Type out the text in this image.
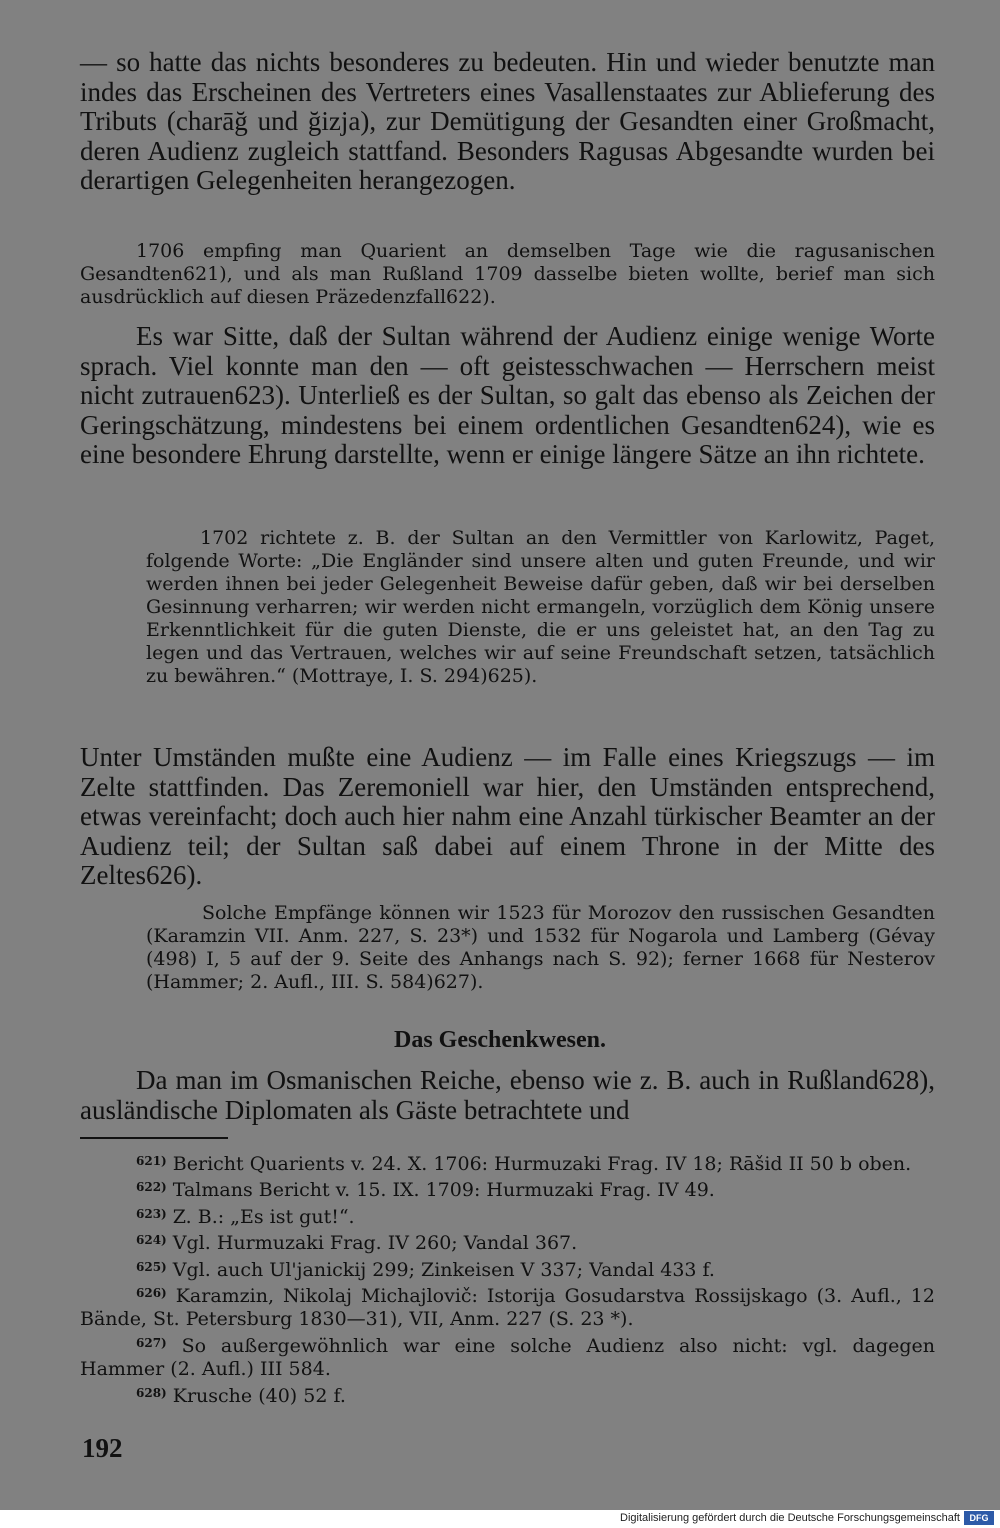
— so hatte das nichts besonderes zu bedeuten. Hin und wieder benutzte man indes das Erscheinen des Vertreters eines Vasallenstaates zur Ablieferung des Tributs (charāğ und ğizja), zur Demütigung der Gesandten einer Großmacht, deren Audienz zugleich stattfand. Besonders Ragusas Abgesandte wurden bei derartigen Gelegenheiten herangezogen.

1706 empfing man Quarient an demselben Tage wie die ragusanischen Gesandten621), und als man Rußland 1709 dasselbe bieten wollte, berief man sich ausdrücklich auf diesen Präzedenzfall622).

Es war Sitte, daß der Sultan während der Audienz einige wenige Worte sprach. Viel konnte man den — oft geistesschwachen — Herrschern meist nicht zutrauen623). Unterließ es der Sultan, so galt das ebenso als Zeichen der Geringschätzung, mindestens bei einem ordentlichen Gesandten624), wie es eine besondere Ehrung darstellte, wenn er einige längere Sätze an ihn richtete.

1702 richtete z. B. der Sultan an den Vermittler von Karlowitz, Paget, folgende Worte: „Die Engländer sind unsere alten und guten Freunde, und wir werden ihnen bei jeder Gelegenheit Beweise dafür geben, daß wir bei derselben Gesinnung verharren; wir werden nicht ermangeln, vorzüglich dem König unsere Erkenntlichkeit für die guten Dienste, die er uns geleistet hat, an den Tag zu legen und das Vertrauen, welches wir auf seine Freundschaft setzen, tatsächlich zu bewähren.“ (Mottraye, I. S. 294)625).

Unter Umständen mußte eine Audienz — im Falle eines Kriegszugs — im Zelte stattfinden. Das Zeremoniell war hier, den Umständen entsprechend, etwas vereinfacht; doch auch hier nahm eine Anzahl türkischer Beamter an der Audienz teil; der Sultan saß dabei auf einem Throne in der Mitte des Zeltes626).

Solche Empfänge können wir 1523 für Morozov den russischen Gesandten (Karamzin VII. Anm. 227, S. 23*) und 1532 für Nogarola und Lamberg (Gévay (498) I, 5 auf der 9. Seite des Anhangs nach S. 92); ferner 1668 für Nesterov (Hammer; 2. Aufl., III. S. 584)627).

Das Geschenkwesen.

Da man im Osmanischen Reiche, ebenso wie z. B. auch in Rußland628), ausländische Diplomaten als Gäste betrachtete und

$^{621)}$ Bericht Quarients v. 24. X. 1706: Hurmuzaki Frag. IV 18; Rāšid II 50 b oben.
$^{622)}$ Talmans Bericht v. 15. IX. 1709: Hurmuzaki Frag. IV 49.
$^{623)}$ Z. B.: „Es ist gut!“.
$^{624)}$ Vgl. Hurmuzaki Frag. IV 260; Vandal 367.
$^{625)}$ Vgl. auch Ul'janickij 299; Zinkeisen V 337; Vandal 433 f.
$^{626)}$ Karamzin, Nikolaj Michajlovič: Istorija Gosudarstva Rossijskago (3. Aufl., 12 Bände, St. Petersburg 1830—31), VII, Anm. 227 (S. 23 *).
$^{627)}$ So außergewöhnlich war eine solche Audienz also nicht: vgl. dagegen Hammer (2. Aufl.) III 584.
$^{628)}$ Krusche (40) 52 f.

192

Digitalisierung gefördert durch die Deutsche Forschungsgemeinschaft	DFG
